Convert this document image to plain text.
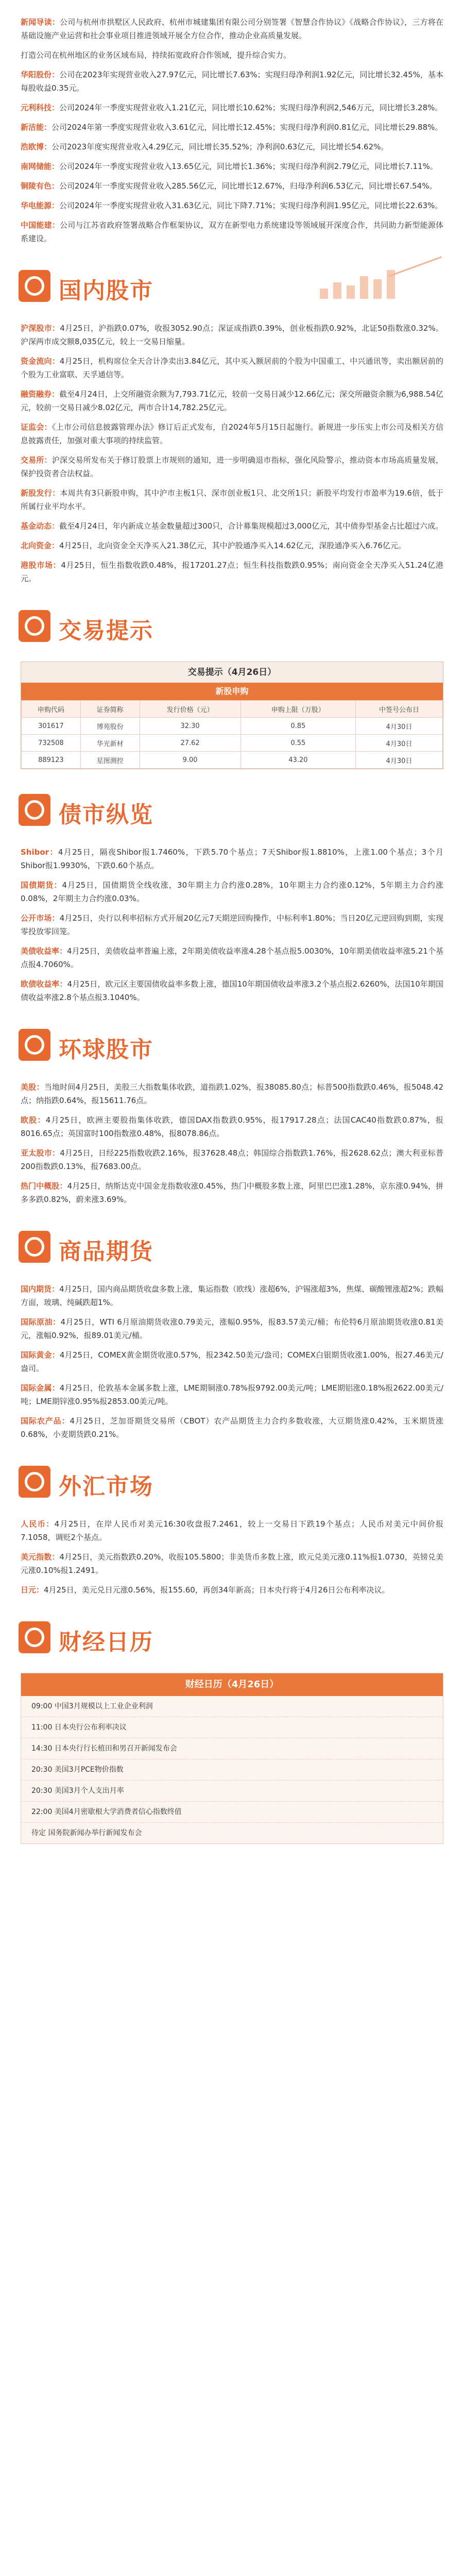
新闻导读：公司与杭州市拱墅区人民政府、杭州市城建集团有限公司分别签署《智慧合作协议》《战略合作协议》，三方将在基础设施产业运营和社会事业项目推进领域开展全方位合作，推动企业高质量发展。

打造公司在杭州地区的业务区域布局，持续拓宽政府合作领域，提升综合实力。

华阳股份：公司在2023年实现营业收入27.97亿元，同比增长7.63%；实现归母净利润1.92亿元，同比增长32.45%，基本每股收益0.35元。

元利科技：公司2024年一季度实现营业收入1.21亿元，同比增长10.62%；实现归母净利润2,546万元，同比增长3.28%。

新洁能：公司2024年第一季度实现营业收入3.61亿元，同比增长12.45%；实现归母净利润0.81亿元，同比增长29.88%。

浩欧博：公司2023年度实现营业收入4.29亿元，同比增长35.52%；净利润0.63亿元，同比增长54.62%。

南网储能：公司2024年一季度实现营业收入13.65亿元，同比增长1.36%；实现归母净利润2.79亿元，同比增长7.11%。

铜陵有色：公司2024年一季度实现营业收入285.56亿元，同比增长12.67%，归母净利润6.53亿元，同比增长67.54%。

华电能源：公司2024年一季度实现营业收入31.63亿元，同比下降7.71%；实现归母净利润1.95亿元，同比增长22.63%。

中国能建：公司与江苏省政府签署战略合作框架协议，双方在新型电力系统建设等领域展开深度合作，共同助力新型能源体系建设。

国内股市

沪深股市：4月25日，沪指跌0.07%，收报3052.90点；深证成指跌0.39%，创业板指跌0.92%，北证50指数涨0.32%。沪深两市成交额8,035亿元，较上一交易日缩量。

资金流向：4月25日，机构席位全天合计净卖出3.84亿元，其中买入额居前的个股为中国重工、中兴通讯等，卖出额居前的个股为工业富联、天孚通信等。

融资融券：截至4月24日，上交所融资余额为7,793.71亿元，较前一交易日减少12.66亿元；深交所融资余额为6,988.54亿元，较前一交易日减少8.02亿元，两市合计14,782.25亿元。

证监会：《上市公司信息披露管理办法》修订后正式发布，自2024年5月15日起施行。新规进一步压实上市公司及相关方信息披露责任，加强对重大事项的持续监管。

交易所：沪深交易所发布关于修订股票上市规则的通知，进一步明确退市指标，强化风险警示，推动资本市场高质量发展，保护投资者合法权益。

新股发行：本周共有3只新股申购，其中沪市主板1只、深市创业板1只、北交所1只；新股平均发行市盈率为19.6倍，低于所属行业平均水平。

基金动态：截至4月24日，年内新成立基金数量超过300只，合计募集规模超过3,000亿元，其中债券型基金占比超过六成。

北向资金：4月25日，北向资金全天净买入21.38亿元，其中沪股通净买入14.62亿元，深股通净买入6.76亿元。

港股市场：4月25日，恒生指数收跌0.48%，报17201.27点；恒生科技指数跌0.95%；南向资金全天净买入51.24亿港元。

交易提示
交易提示（4月26日）
新股申购
申购代码	证券简称	发行价格（元）	申购上限（万股）	中签号公布日
301617	博苑股份	32.30	0.85	4月30日
732508	华光新材	27.62	0.55	4月30日
889123	星图测控	9.00	43.20	4月30日
债市纵览

Shibor：4月25日，隔夜Shibor报1.7460%，下跌5.70个基点；7天Shibor报1.8810%，上涨1.00个基点；3个月Shibor报1.9930%，下跌0.60个基点。

国债期货：4月25日，国债期货全线收涨，30年期主力合约涨0.28%，10年期主力合约涨0.12%，5年期主力合约涨0.08%，2年期主力合约涨0.03%。

公开市场：4月25日，央行以利率招标方式开展20亿元7天期逆回购操作，中标利率1.80%；当日20亿元逆回购到期，实现零投放零回笼。

美债收益率：4月25日，美债收益率普遍上涨，2年期美债收益率涨4.28个基点报5.0030%，10年期美债收益率涨5.21个基点报4.7060%。

欧债收益率：4月25日，欧元区主要国债收益率多数上涨，德国10年期国债收益率涨3.2个基点报2.6260%，法国10年期国债收益率涨2.8个基点报3.1040%。

环球股市

美股：当地时间4月25日，美股三大指数集体收跌，道指跌1.02%，报38085.80点；标普500指数跌0.46%，报5048.42点；纳指跌0.64%，报15611.76点。

欧股：4月25日，欧洲主要股指集体收跌，德国DAX指数跌0.95%，报17917.28点；法国CAC40指数跌0.87%，报8016.65点；英国富时100指数涨0.48%，报8078.86点。

亚太股市：4月25日，日经225指数收跌2.16%，报37628.48点；韩国综合指数跌1.76%，报2628.62点；澳大利亚标普200指数跌0.13%，报7683.00点。

热门中概股：4月25日，纳斯达克中国金龙指数收涨0.45%，热门中概股多数上涨，阿里巴巴涨1.28%，京东涨0.94%，拼多多跌0.82%，蔚来涨3.69%。

商品期货

国内期货：4月25日，国内商品期货收盘多数上涨，集运指数（欧线）涨超6%，沪锡涨超3%，焦煤、碳酸锂涨超2%；跌幅方面，玻璃、纯碱跌超1%。

国际原油：4月25日，WTI 6月原油期货收涨0.79美元，涨幅0.95%，报83.57美元/桶；布伦特6月原油期货收涨0.81美元，涨幅0.92%，报89.01美元/桶。

国际黄金：4月25日，COMEX黄金期货收涨0.57%，报2342.50美元/盎司；COMEX白银期货收涨1.00%，报27.46美元/盎司。

国际金属：4月25日，伦敦基本金属多数上涨，LME期铜涨0.78%报9792.00美元/吨；LME期铝涨0.18%报2622.00美元/吨；LME期锌涨0.95%报2853.00美元/吨。

国际农产品：4月25日，芝加哥期货交易所（CBOT）农产品期货主力合约多数收涨，大豆期货涨0.42%，玉米期货涨0.68%，小麦期货跌0.21%。

外汇市场

人民币：4月25日，在岸人民币对美元16:30收盘报7.2461，较上一交易日下跌19个基点；人民币对美元中间价报7.1058，调贬2个基点。

美元指数：4月25日，美元指数跌0.20%，收报105.5800；非美货币多数上涨，欧元兑美元涨0.11%报1.0730，英镑兑美元涨0.10%报1.2491。

日元：4月25日，美元兑日元涨0.56%，报155.60，再创34年新高；日本央行将于4月26日公布利率决议。

财经日历
财经日历（4月26日）
09:00 中国3月规模以上工业企业利润
11:00 日本央行公布利率决议
14:30 日本央行行长植田和男召开新闻发布会
20:30 美国3月PCE物价指数
20:30 美国3月个人支出月率
22:00 美国4月密歇根大学消费者信心指数终值
待定 国务院新闻办举行新闻发布会
